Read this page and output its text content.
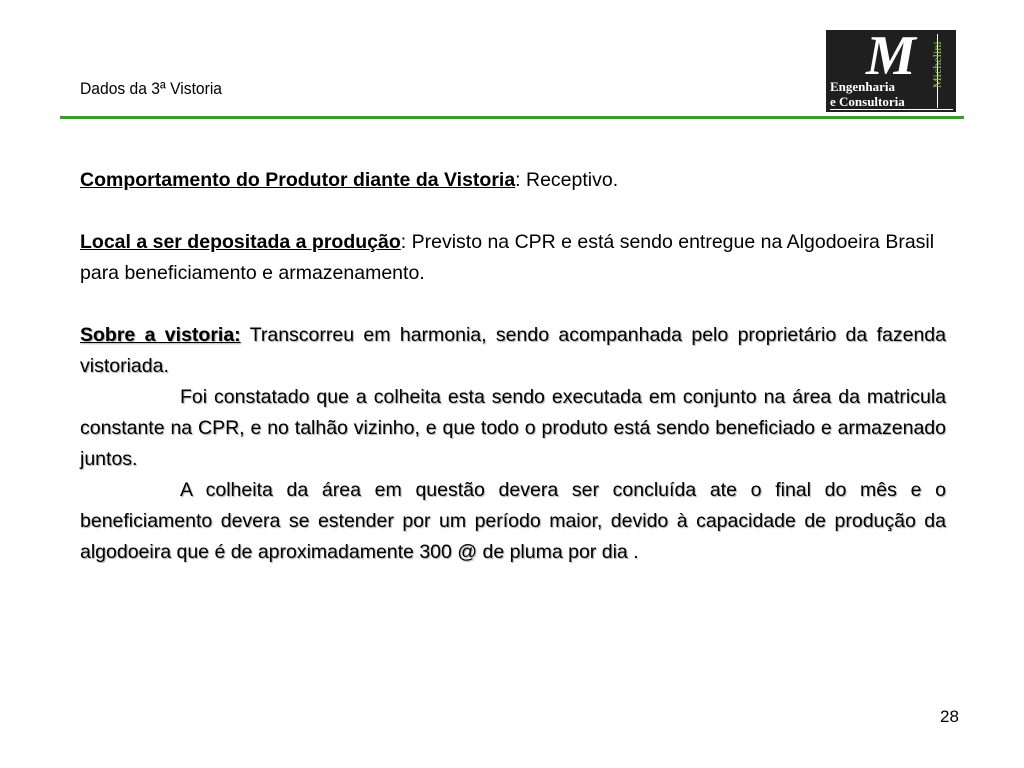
Dados da 3ª Vistoria
M Michelini
Engenharia
e Consultoria

Comportamento do Produtor diante da Vistoria: Receptivo.

Local a ser depositada a produção: Previsto na CPR e está sendo entregue na Algodoeira Brasil para beneficiamento e armazenamento.

Sobre a vistoria: Transcorreu em harmonia, sendo acompanhada pelo proprietário da fazenda vistoriada.

Foi constatado que a colheita esta sendo executada em conjunto na área da matricula constante na CPR, e no talhão vizinho, e que todo o produto está sendo beneficiado e armazenado juntos.

A colheita da área em questão devera ser concluída ate o final do mês e o beneficiamento devera se estender por um período maior, devido à capacidade de produção da algodoeira que é de aproximadamente 300 @ de pluma por dia .

28
